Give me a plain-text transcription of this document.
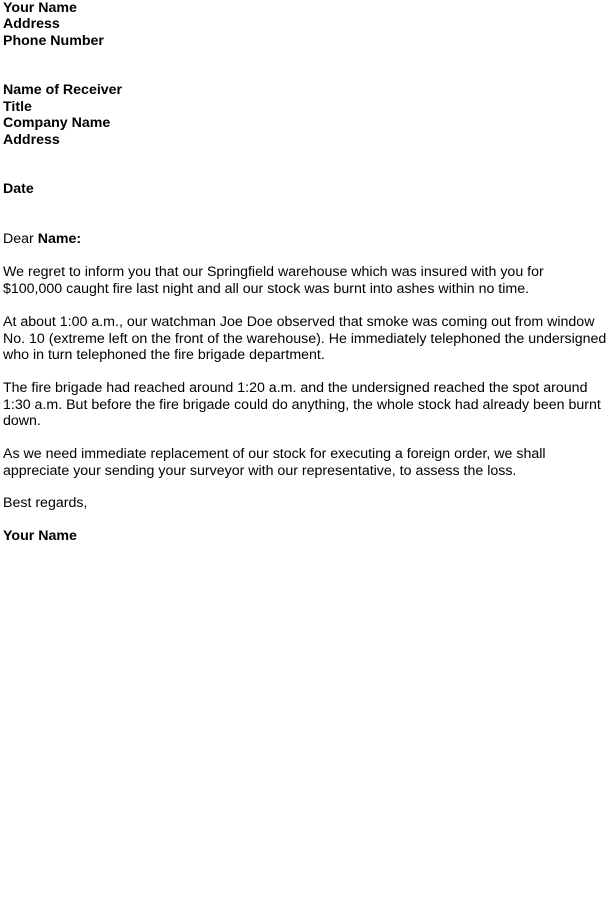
Your Name
Address
Phone Number
Name of Receiver
Title
Company Name
Address
Date
Dear Name:
We regret to inform you that our Springfield warehouse which was insured with you for
$100,000 caught fire last night and all our stock was burnt into ashes within no time.
At about 1:00 a.m., our watchman Joe Doe observed that smoke was coming out from window
No. 10 (extreme left on the front of the warehouse). He immediately telephoned the undersigned
who in turn telephoned the fire brigade department.
The fire brigade had reached around 1:20 a.m. and the undersigned reached the spot around
1:30 a.m. But before the fire brigade could do anything, the whole stock had already been burnt
down.
As we need immediate replacement of our stock for executing a foreign order, we shall
appreciate your sending your surveyor with our representative, to assess the loss.
Best regards,
Your Name
